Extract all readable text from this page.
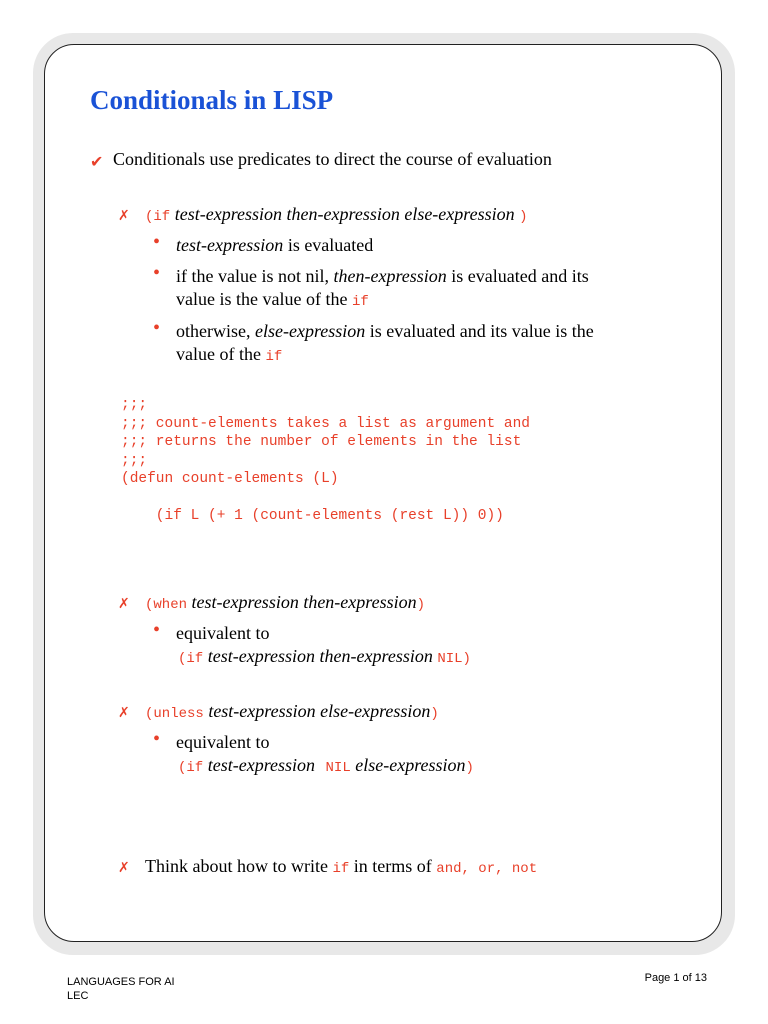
Conditionals in LISP
✔ Conditionals use predicates to direct the course of evaluation
✗ (if test-expression then-expression else-expression )
• test-expression is evaluated
• if the value is not nil, then-expression is evaluated and its
value is the value of the if
• otherwise, else-expression is evaluated and its value is the
value of the if
;;;
;;; count-elements takes a list as argument and
;;; returns the number of elements in the list
;;;
(defun count-elements (L)

(if L (+ 1 (count-elements (rest L)) 0))
✗ (when test-expression then-expression)
• equivalent to
(if test-expression then-expression NIL)
✗ (unless test-expression else-expression)
• equivalent to
(if test-expression NIL else-expression)
✗ Think about how to write if in terms of and, or, not
LANGUAGES FOR AI
LEC
Page 1 of 13
